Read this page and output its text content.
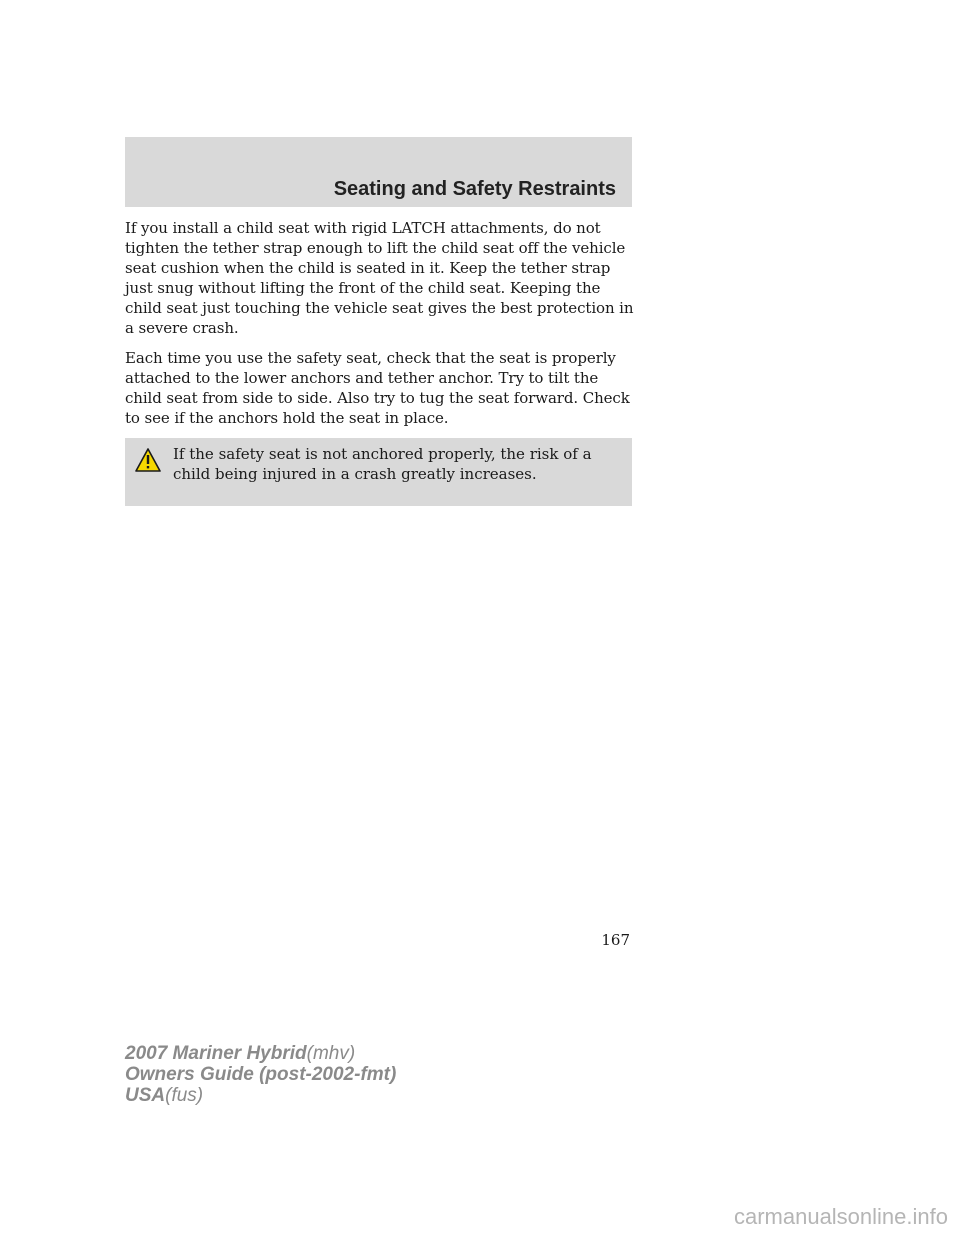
Seating and Safety Restraints

If you install a child seat with rigid LATCH attachments, do not tighten the tether strap enough to lift the child seat off the vehicle seat cushion when the child is seated in it. Keep the tether strap just snug without lifting the front of the child seat. Keeping the child seat just touching the vehicle seat gives the best protection in a severe crash.

Each time you use the safety seat, check that the seat is properly attached to the lower anchors and tether anchor. Try to tilt the child seat from side to side. Also try to tug the seat forward. Check to see if the anchors hold the seat in place.

If the safety seat is not anchored properly, the risk of a child being injured in a crash greatly increases.

167
2007 Mariner Hybrid(mhv)
Owners Guide (post-2002-fmt)
USA(fus)
carmanualsonline.info
